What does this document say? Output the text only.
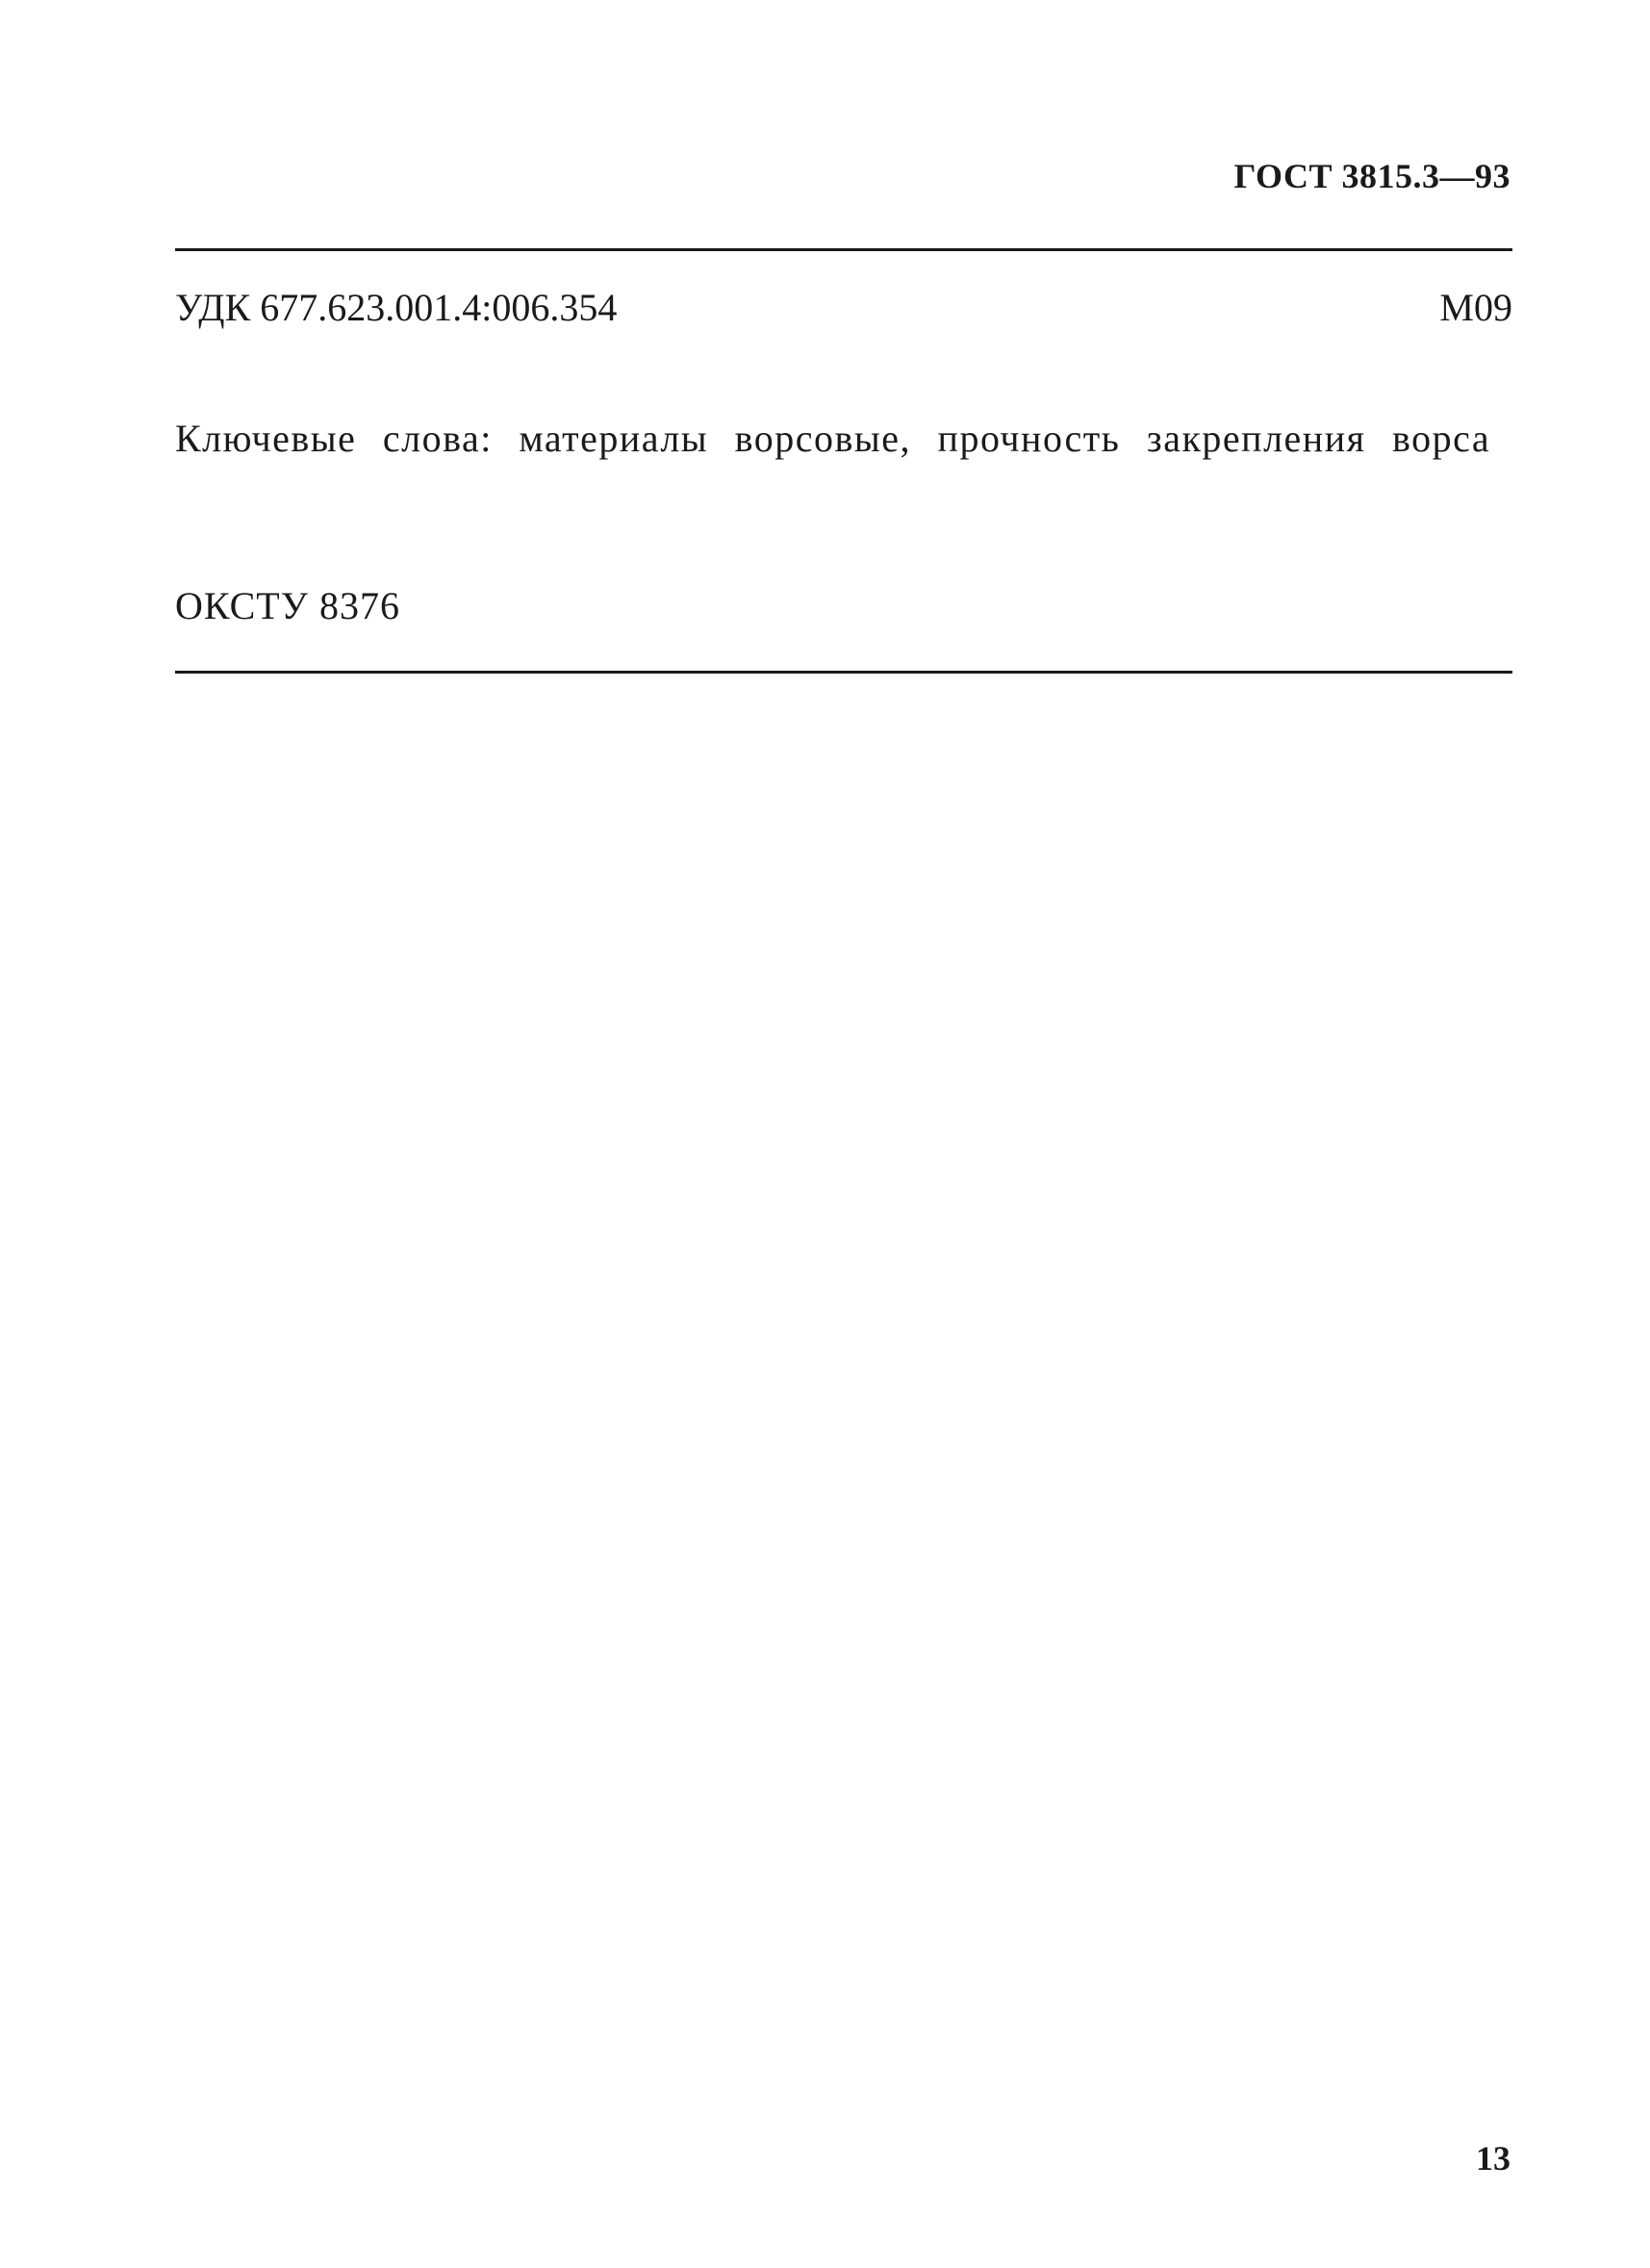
ГОСТ 3815.3—93
УДК 677.623.001.4:006.354	М09
Ключевые слова: материалы ворсовые, прочность закрепления ворса
ОКСТУ 8376
13
